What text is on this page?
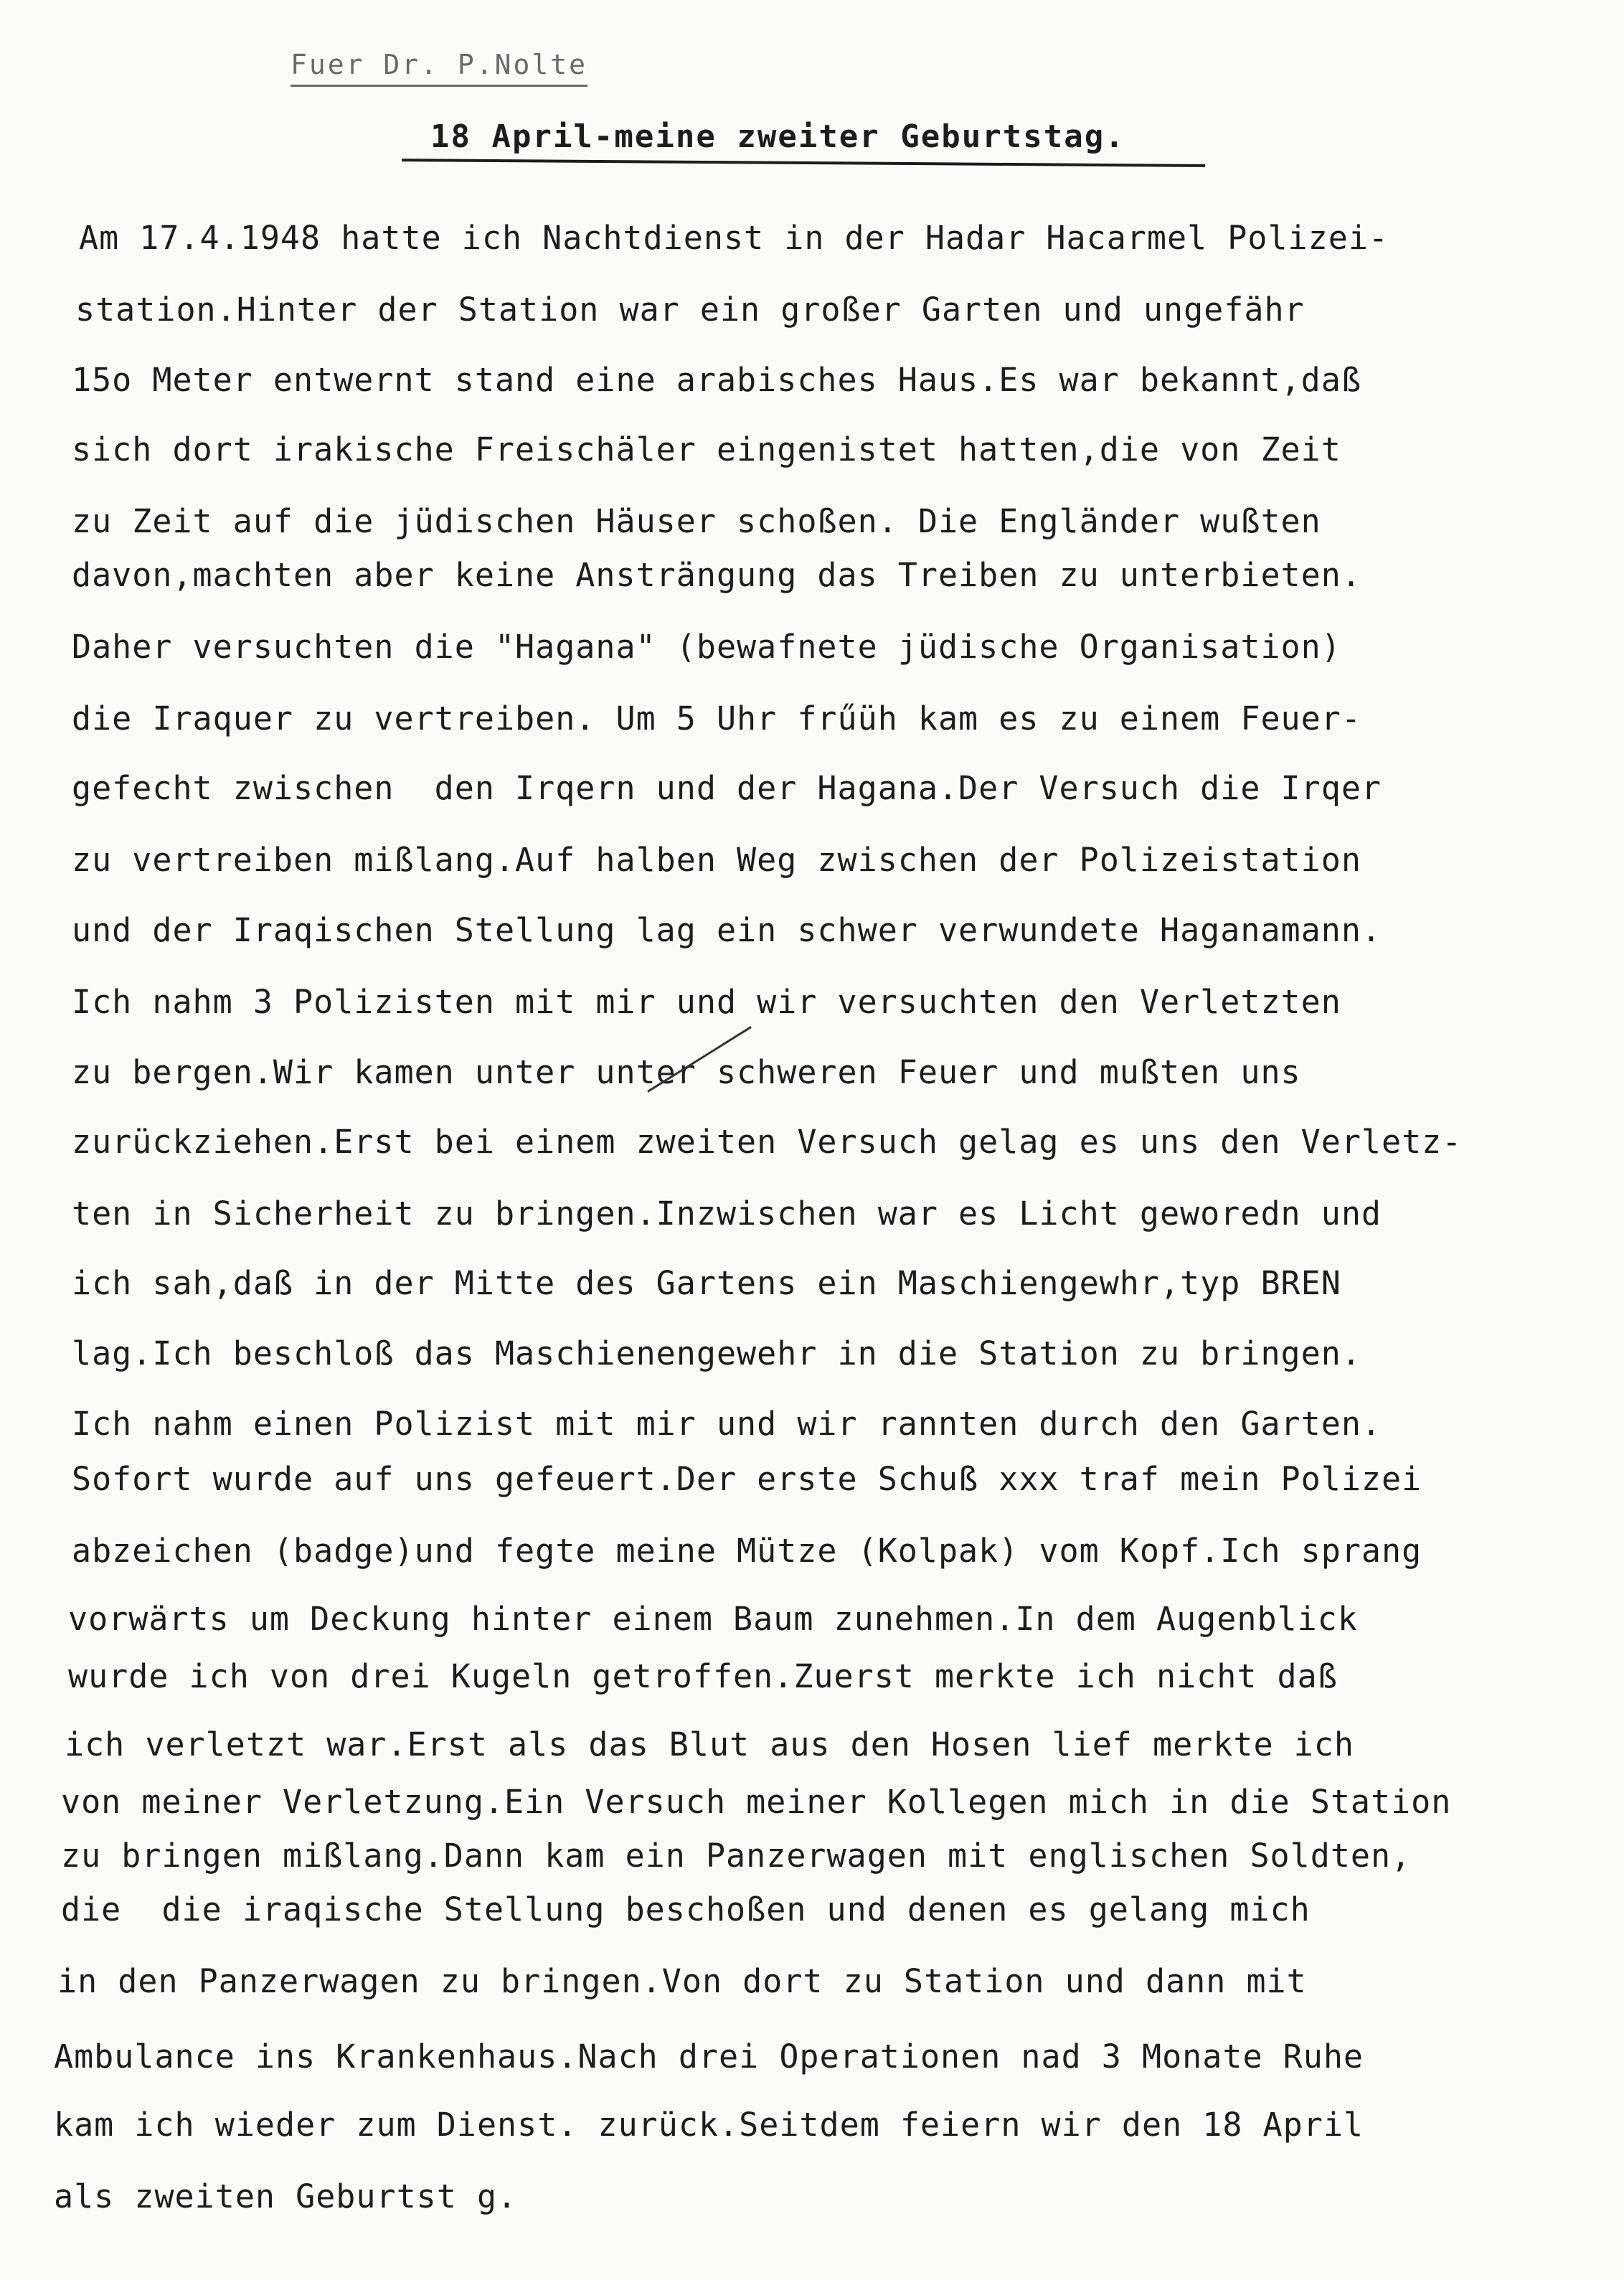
Fuer Dr. P.Nolte
18 April-meine zweiter Geburtstag.
Am 17.4.1948 hatte ich Nachtdienst in der Hadar Hacarmel Polizei-
station.Hinter der Station war ein großer Garten und ungefähr
15o Meter entwernt stand eine arabisches Haus.Es war bekannt,daß
sich dort irakische Freischäler eingenistet hatten,die von Zeit
zu Zeit auf die jüdischen Häuser schoßen. Die Engländer wußten
davon,machten aber keine Ansträngung das Treiben zu unterbieten.
Daher versuchten die "Hagana" (bewafnete jüdische Organisation)
die Iraquer zu vertreiben. Um 5 Uhr frűüh kam es zu einem Feuer-
gefecht zwischen  den Irqern und der Hagana.Der Versuch die Irqer
zu vertreiben mißlang.Auf halben Weg zwischen der Polizeistation
und der Iraqischen Stellung lag ein schwer verwundete Haganamann.
Ich nahm 3 Polizisten mit mir und wir versuchten den Verletzten
zu bergen.Wir kamen unter unter schweren Feuer und mußten uns
zurückziehen.Erst bei einem zweiten Versuch gelag es uns den Verletz-
ten in Sicherheit zu bringen.Inzwischen war es Licht geworedn und
ich sah,daß in der Mitte des Gartens ein Maschiengewhr,typ BREN
lag.Ich beschloß das Maschienengewehr in die Station zu bringen.
Ich nahm einen Polizist mit mir und wir rannten durch den Garten.
Sofort wurde auf uns gefeuert.Der erste Schuß xxx traf mein Polizei
abzeichen (badge)und fegte meine Mütze (Kolpak) vom Kopf.Ich sprang
vorwärts um Deckung hinter einem Baum zunehmen.In dem Augenblick
wurde ich von drei Kugeln getroffen.Zuerst merkte ich nicht daß
ich verletzt war.Erst als das Blut aus den Hosen lief merkte ich
von meiner Verletzung.Ein Versuch meiner Kollegen mich in die Station
zu bringen mißlang.Dann kam ein Panzerwagen mit englischen Soldten,
die  die iraqische Stellung beschoßen und denen es gelang mich
in den Panzerwagen zu bringen.Von dort zu Station und dann mit
Ambulance ins Krankenhaus.Nach drei Operationen nad 3 Monate Ruhe
kam ich wieder zum Dienst. zurück.Seitdem feiern wir den 18 April
als zweiten Geburtst g.
